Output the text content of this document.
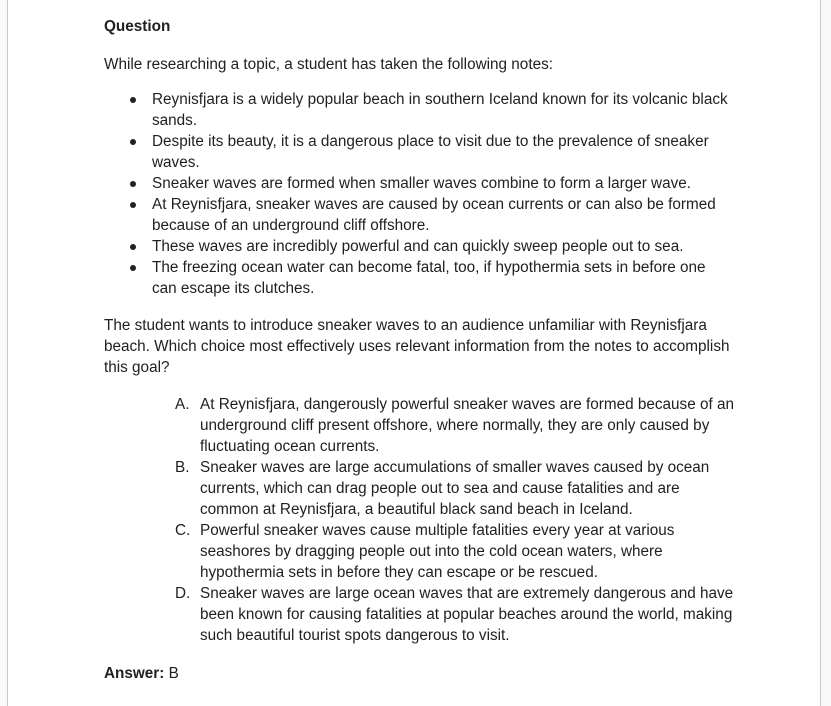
Question

While researching a topic, a student has taken the following notes:

Reynisfjara is a widely popular beach in southern Iceland known for its volcanic black sands.
Despite its beauty, it is a dangerous place to visit due to the prevalence of sneaker waves.
Sneaker waves are formed when smaller waves combine to form a larger wave.
At Reynisfjara, sneaker waves are caused by ocean currents or can also be formed because of an underground cliff offshore.
These waves are incredibly powerful and can quickly sweep people out to sea.
The freezing ocean water can become fatal, too, if hypothermia sets in before one can escape its clutches.

The student wants to introduce sneaker waves to an audience unfamiliar with Reynisfjara beach. Which choice most effectively uses relevant information from the notes to accomplish this goal?

A. At Reynisfjara, dangerously powerful sneaker waves are formed because of an underground cliff present offshore, where normally, they are only caused by fluctuating ocean currents.
B. Sneaker waves are large accumulations of smaller waves caused by ocean currents, which can drag people out to sea and cause fatalities and are common at Reynisfjara, a beautiful black sand beach in Iceland.
C. Powerful sneaker waves cause multiple fatalities every year at various seashores by dragging people out into the cold ocean waters, where hypothermia sets in before they can escape or be rescued.
D. Sneaker waves are large ocean waves that are extremely dangerous and have been known for causing fatalities at popular beaches around the world, making such beautiful tourist spots dangerous to visit.

Answer: B
